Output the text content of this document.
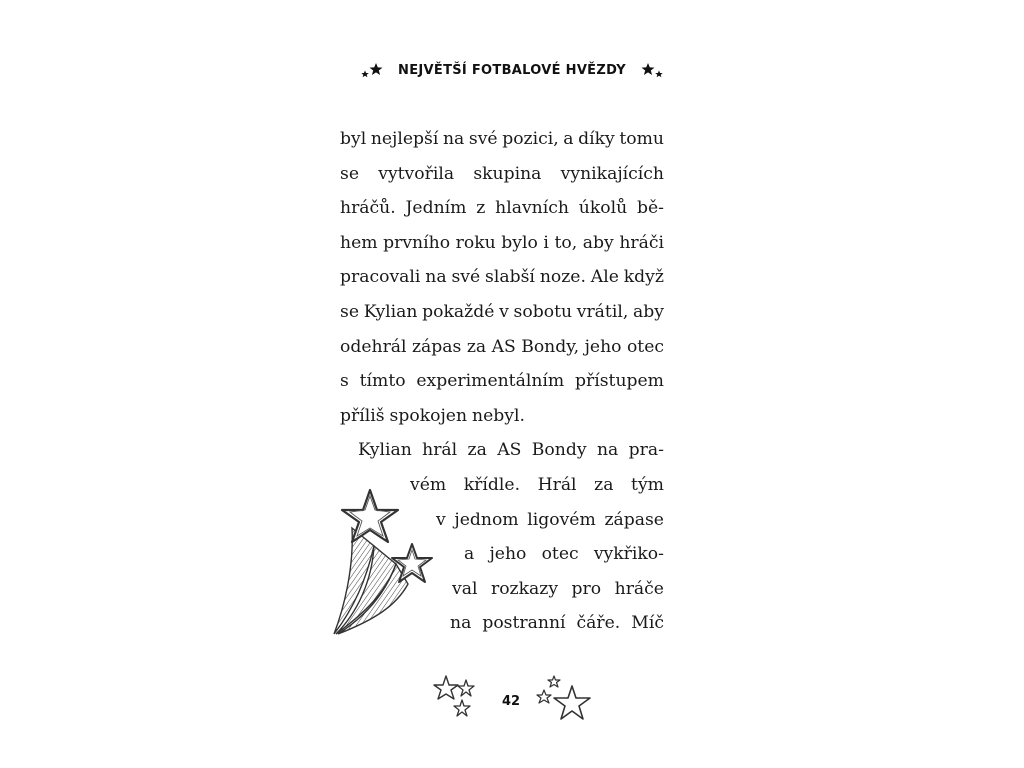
NEJVĚTŠÍ FOTBALOVÉ HVĚZDY
byl nejlepší na své pozici, a díky tomu
se vytvořila skupina vynikajících
hráčů. Jedním z hlavních úkolů bě-
hem prvního roku bylo i to, aby hráči
pracovali na své slabší noze. Ale když
se Kylian pokaždé v sobotu vrátil, aby
odehrál zápas za AS Bondy, jeho otec
s tímto experimentálním přístupem
příliš spokojen nebyl.
Kylian hrál za AS Bondy na pra-
vém křídle. Hrál za tým
v jednom ligovém zápase
a jeho otec vykřiko-
val rozkazy pro hráče
na postranní čáře. Míč
42
